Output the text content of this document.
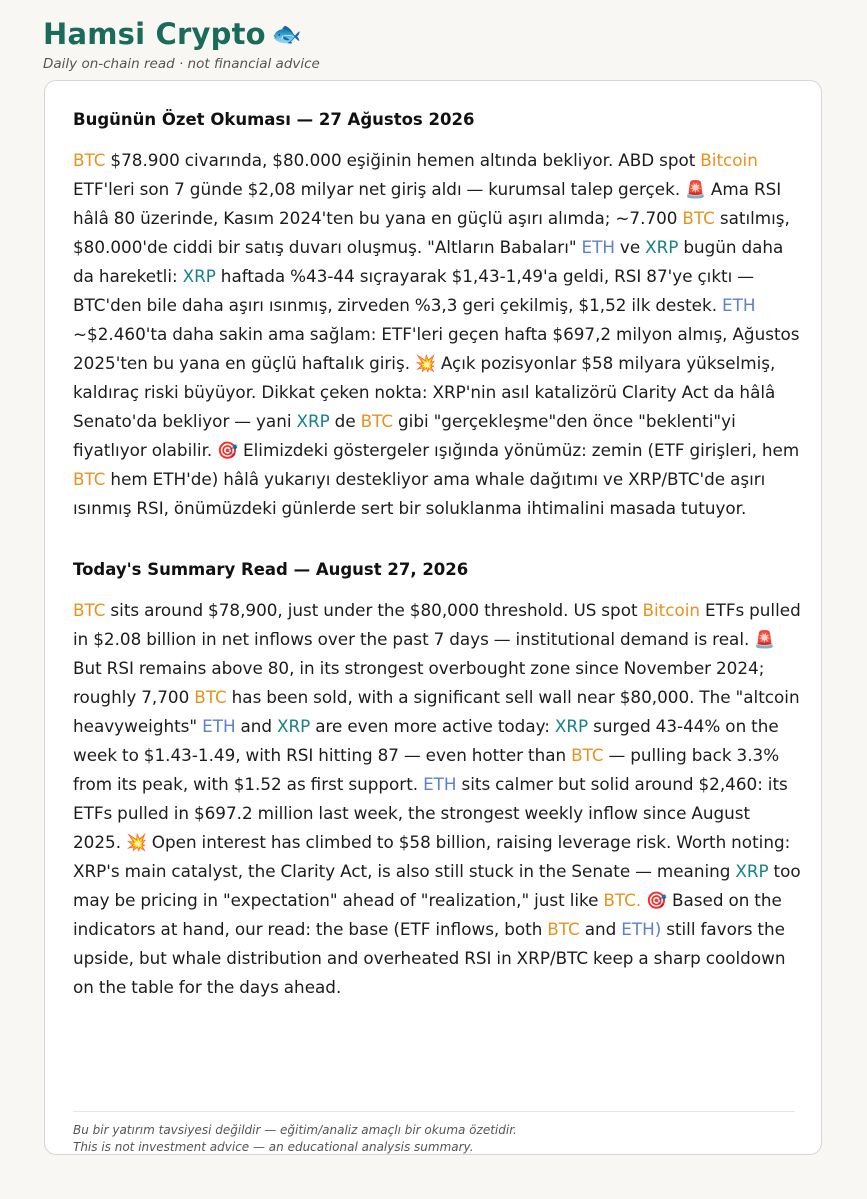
Hamsi Crypto 🐟
Daily on-chain read · not financial advice
Bugünün Özet Okuması — 27 Ağustos 2026

BTC $78.900 civarında, $80.000 eşiğinin hemen altında bekliyor. ABD spot Bitcoin ETF'leri son 7 günde $2,08 milyar net giriş aldı — kurumsal talep gerçek. 🚨 Ama RSI hâlâ 80 üzerinde, Kasım 2024'ten bu yana en güçlü aşırı alımda; ~7.700 BTC satılmış, $80.000'de ciddi bir satış duvarı oluşmuş. "Altların Babaları" ETH ve XRP bugün daha da hareketli: XRP haftada %43-44 sıçrayarak $1,43-1,49'a geldi, RSI 87'ye çıktı — BTC'den bile daha aşırı ısınmış, zirveden %3,3 geri çekilmiş, $1,52 ilk destek. ETH ~$2.460'ta daha sakin ama sağlam: ETF'leri geçen hafta $697,2 milyon almış, Ağustos 2025'ten bu yana en güçlü haftalık giriş. 💥 Açık pozisyonlar $58 milyara yükselmiş, kaldıraç riski büyüyor. Dikkat çeken nokta: XRP'nin asıl katalizörü Clarity Act da hâlâ Senato'da bekliyor — yani XRP de BTC gibi "gerçekleşme"den önce "beklenti"yi fiyatlıyor olabilir. 🎯 Elimizdeki göstergeler ışığında yönümüz: zemin (ETF girişleri, hem BTC hem ETH'de) hâlâ yukarıyı destekliyor ama whale dağıtımı ve XRP/BTC'de aşırı ısınmış RSI, önümüzdeki günlerde sert bir soluklanma ihtimalini masada tutuyor.

Today's Summary Read — August 27, 2026

BTC sits around $78,900, just under the $80,000 threshold. US spot Bitcoin ETFs pulled in $2.08 billion in net inflows over the past 7 days — institutional demand is real. 🚨 But RSI remains above 80, in its strongest overbought zone since November 2024; roughly 7,700 BTC has been sold, with a significant sell wall near $80,000. The "altcoin heavyweights" ETH and XRP are even more active today: XRP surged 43-44% on the week to $1.43-1.49, with RSI hitting 87 — even hotter than BTC — pulling back 3.3% from its peak, with $1.52 as first support. ETH sits calmer but solid around $2,460: its ETFs pulled in $697.2 million last week, the strongest weekly inflow since August 2025. 💥 Open interest has climbed to $58 billion, raising leverage risk. Worth noting: XRP's main catalyst, the Clarity Act, is also still stuck in the Senate — meaning XRP too may be pricing in "expectation" ahead of "realization," just like BTC. 🎯 Based on the indicators at hand, our read: the base (ETF inflows, both BTC and ETH) still favors the upside, but whale distribution and overheated RSI in XRP/BTC keep a sharp cooldown on the table for the days ahead.

Bu bir yatırım tavsiyesi değildir — eğitim/analiz amaçlı bir okuma özetidir.
This is not investment advice — an educational analysis summary.
